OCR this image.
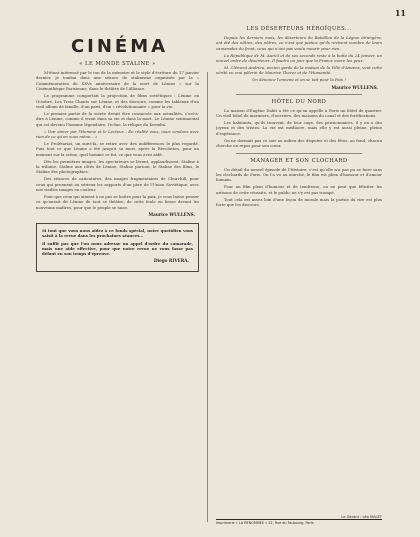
11
CINÉMA
« LE MONDE STALINE »

M'étant intéressé par le ton de la mémoire et le style d'écriture du 17 janvier dernier, je tombai dans une séance de stalinisme organisée par la « Commémoration du XXVe anniversaire de la mort de Lénine » sur la Cinémathèque Parisienne, dans le théâtre de l'Alliance.

Le programme comportait la projection de films soviétiques : Lénine en Octobre, Les Trois Chants sur Lénine, et des discours, comme les tableaux d'un vieil album de famille, d'un parti, d'un « révolutionnaire » pour la vie.

Le premier partie de la soirée devait être consacrée aux actualités, c'est-à-dire à Lénine, comme il vivait dans sa vie et dans la mort. Le Lénine sentimental qui est devenu l'homme légendaire, l'icône, la relique du Kremlin.

« Voir aimer par l'Homme et le Lecteur... En réalité vous, nous vendons avec rien de ce qu'on vous mène... »

Le Prolétariat, un suivi-là, se retire avec des indifférences le plus regardé. Puis tout ce que Lénine a été jusqu'à sa mort, après la Révolution, pour un moment sur la scène, quel homme ce fut, ce que vous avez aidé.

Dès les premières images, les spectateurs se lèvent, applaudissent. Staline à la tribune, Staline aux côtés de Lénine, Staline partout, le Staline des films, le Staline des photographies.

Des séances de caricatures, des images fragmentaires de Churchill, pour ceux qui prennent au sérieux les rapports d'un père de l'Union Soviétique, avec nos vieilles images en couleur.

Pour que ceux qui aiment à ne pas se battre pour la paix, je vous laisse penser ce qu'aurait dit Lénine de tout ce théâtre, de cette foule en liesse devant les nouveaux maîtres, pour que le peuple se taise.

Maurice WULLENS.

Si tout que vous nous aidez à ce fonds spécial, notre quotidien vous saisit à la revue dans les prochaines séances...

Il suffit pas que l'on nous adresse un appel d'ordre du camarade, mais une aide effective, pour que notre revue ne vous fasse pas défaut en son temps d'épreuve.

Diego RIVERA.
LES DÉSERTEURS HÉROÏQUES...

Depuis les derniers mois, les déserteurs du Bataillon de la Légion étrangère, ont été des nôtres, des nôtres, ce n'est que justice qu'ils revivent nombre de leurs camarades du front, ceux qui n'ont pas voulu mourir pour rien.

La République de M. Auriol et de ses seconds reste à la botte du 24 janvier, un nouvel ordre de déserteurs. Il faudra un jour que la France ouvre les yeux.

M. Clément Andrieu, ancien garde de la maison de la Ville d'Amiens, veut cette vérité en vrai pèlerin de Maurice Thorez et de l'Humanité.

On dénonce l'ennemi et on se tait pour la Paix !

Maurice WULLENS.
HÔTEL DU NORD

La maison d'Eugène Dabit a été ce qu'on appelle à Paris un hôtel de quartier. Un vieil hôtel de mariniers, d'ouvriers, des maisons du canal et des fortifications.

Les habitants, qu'ils trouvent, de leur cage, des pensionnaires, il y en a des joyeux et des tristes. La vie est médiocre, mais elle y est aussi pleine, pleine d'espérance.

On ne dormait pas ce soir au milieu des disputes et des fêtes, au fond, chacun cherche un repos pour son cœur.

MANAGER ET SON CLOCHARD

Un détail du nouvel épisode de l'Histoire, c'est qu'elle n'a pas pu se faire sans les clochards de Paris. On l'a vu au marché, le film est plein d'humour et d'amour humain.

Pour un film plein d'humour et de tendresse, on ne peut que féliciter les artisans de cette réussite, et le public ne s'y est pas trompé.

Tout cela est assez loin d'une leçon de morale mais la poésie du rire est plus forte que les discours.

Le Gérant : Léo MALET
Imprimerie « LA RENOMMÉE » 22, Rue du Faubourg, Paris
